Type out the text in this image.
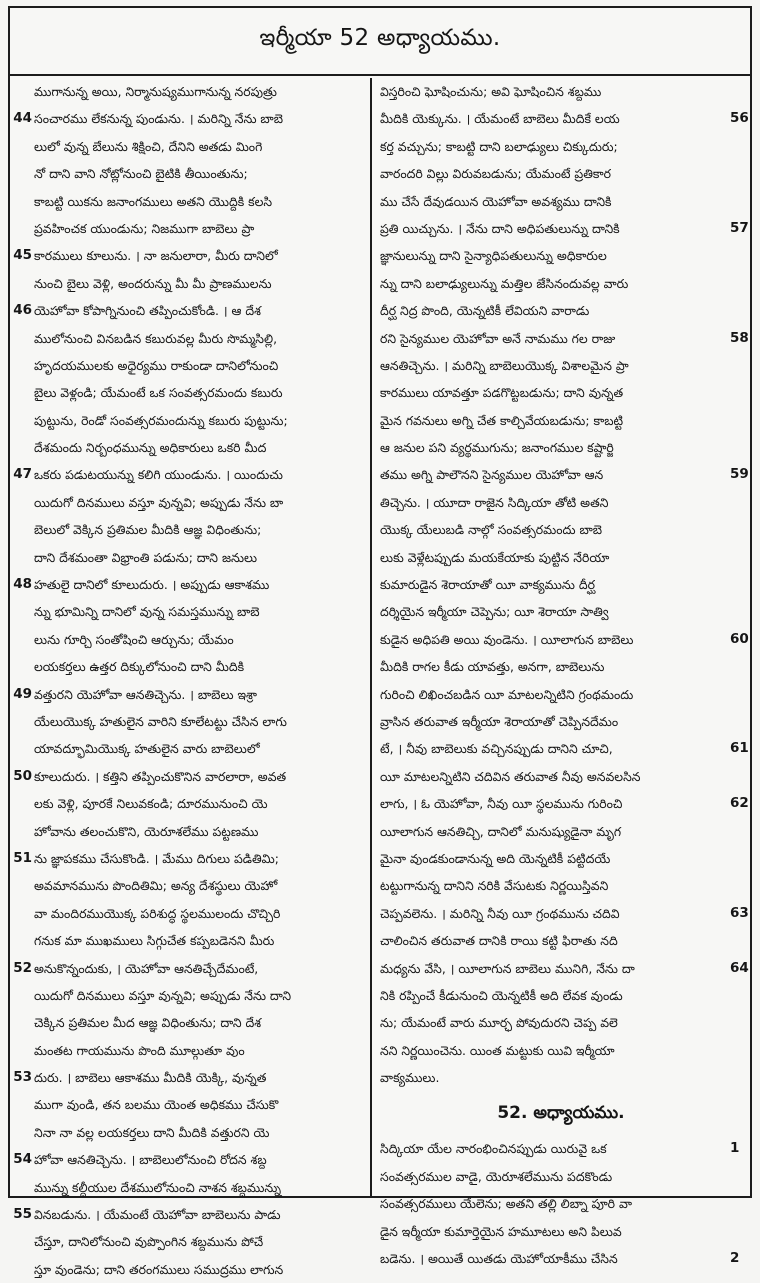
ఇర్మీయా 52 అధ్యాయము.
ముగానున్న అయి, నిర్మానుష్యముగానున్న నరపుత్రు
44 సంచారము లేకనున్న పుండును. । మరిన్ని నేను బాబె
లులో వున్న బేలును శిక్షించి, దేనిని అతడు మింగె
నో దాని వాని నోట్లోనుంచి బైటికి తీయింతును;
కాబట్టి యికను జనాంగములు అతని యొద్దికి కలసి
ప్రవహించక యుండును; నిజముగా బాబెలు ప్రా
45 కారములు కూలును. । నా జనులారా, మీరు దానిలో
నుంచి బైలు వెళ్లి, అందరున్ను మీ మీ ప్రాణములను
46 యెహోవా కోపాగ్నినుంచి తప్పించుకోండి. । ఆ దేశ
ములోనుంచి వినబడిన కబురువల్ల మీరు సొమ్మసిల్లి,
హృదయములకు అధైర్యము రాకుండా దానిలోనుంచి
బైలు వెళ్లండి; యేమంటే ఒక సంవత్సరమందు కబురు
పుట్టును, రెండో సంవత్సరమందున్ను కబురు పుట్టును;
దేశమందు నిర్బంధమున్ను అధికారులు ఒకరి మీద
47 ఒకరు పడుటయున్ను కలిగి యుండును. । యిందుచు
యిదుగో దినములు వస్తూ వున్నవి; అప్పుడు నేను బా
బెలులో వెక్కిన ప్రతిమల మీదికి ఆజ్ఞ విధింతును;
దాని దేశమంతా విభ్రాంతి పడును; దాని జనులు
48 హతులై దానిలో కూలుదురు. । అప్పుడు ఆకాశము
న్ను భూమిన్ని దానిలో వున్న సమస్తమున్ను బాబె
లును గూర్చి సంతోషించి ఆర్చును; యేమం
లయకర్తలు ఉత్తర దిక్కులోనుంచి దాని మీదికి
49 వత్తురని యెహోవా ఆనతిచ్చెను. । బాబెలు ఇశ్రా
యేలుయొక్క హతులైన వారిని కూలేటట్టు చేసిన లాగు
యావద్భూమియొక్క హతులైన వారు బాబెలులో
50 కూలుదురు. । కత్తిని తప్పించుకొనిన వారలారా, అవత
లకు వెళ్లి, పూరకే నిలువకండి; దూరమునుంచి యె
హోవాను తలంచుకొని, యెరూశలేము పట్టణము
51 ను జ్ఞాపకము చేసుకొండి. । మేము దిగులు పడితిమి;
అవమానమును పొందితిమి; అన్య దేశస్థులు యెహో
వా మందిరముయొక్క పరిశుద్ధ స్థలములందు చొచ్చిరి
గనుక మా ముఖములు సిగ్గుచేత కప్పబడెనని మీరు
52 అనుకొన్నందుకు, । యెహోవా ఆనతిచ్చేదేమంటే,
యిదుగో దినములు వస్తూ వున్నవి; అప్పుడు నేను దాని
చెక్కిన ప్రతిమల మీద ఆజ్ఞ విధింతును; దాని దేశ
మంతట గాయమును పొంది మూల్గుతూ వుం
53 దురు. । బాబెలు ఆకాశము మీదికి యెక్కి, వున్నత
ముగా వుండి, తన బలము యెంత అధికము చేసుకొ
నినా నా వల్ల లయకర్తలు దాని మీదికి వత్తురని యె
54 హోవా ఆనతిచ్చెను. । బాబెలులోనుంచి రోదన శబ్ద
మున్ను కల్దీయుల దేశములోనుంచి నాశన శబ్దమున్ను
55 వినబడును. । యేమంటే యెహోవా బాబెలును పాడు
చేస్తూ, దానిలోనుంచి వుప్పొంగిన శబ్దమును పోచే
స్తూ వుండెను; దాని తరంగములు సముద్రము లాగున
విస్తరించి ఘోషించును; అవి ఘోషించిన శబ్దము
మీదికి యెక్కును. । యేమంటే బాబెలు మీదికే లయ	56
కర్త వచ్చును; కాబట్టి దాని బలాఢ్యులు చిక్కుదురు;
వారందరి విల్లు విరువబడును; యేమంటే ప్రతికార
ము చేసే దేవుడయిన యెహోవా అవశ్యము దానికి
ప్రతి యిచ్చును. । నేను దాని అధిపతులున్ను దానికి	57
జ్ఞానులున్ను దాని సైన్యాధిపతులున్ను అధికారుల
న్ను దాని బలాఢ్యులున్ను మత్తిల జేసినందువల్ల వారు
దీర్ఘ నిద్ర పొంది, యెన్నటికీ లేవియని వారాడు
రని సైన్యముల యెహోవా అనే నామము గల రాజు	58
ఆనతిచ్చెను. । మరిన్ని బాబెలుయొక్క విశాలమైన ప్రా
కారములు యావత్తూ పడగొట్టబడును; దాని వున్నత
మైన గవనులు అగ్ని చేత కాల్చివేయబడును; కాబట్టి
ఆ జనుల పని వ్యర్థముగును; జనాంగముల కష్టార్జి
తము అగ్ని పాలౌనని సైన్యముల యెహోవా ఆన	59
తిచ్చెను. । యూదా రాజైన సిద్కియా తోటి అతని
యొక్క యేలుబడి నాల్గో సంవత్సరమందు బాబె
లుకు వెళ్లేటప్పుడు మయకేయాకు పుట్టిన నేరియా
కుమారుడైన శెరాయాతో యీ వాక్యమును దీర్ఘ
దర్శియైన ఇర్మీయా చెప్పెను; యీ శెరాయా సాత్వి
కుడైన అధిపతి అయి వుండెను. । యీలాగున బాబెలు	60
మీదికి రాగల కీడు యావత్తు, అనగా, బాబెలును
గురించి లిఖించబడిన యీ మాటలన్నిటిని గ్రంథమందు
వ్రాసిన తరువాత ఇర్మీయా శెరాయాతో చెప్పినదేమం
టే, । నీవు బాబెలుకు వచ్చినప్పుడు దానిని చూచి,	61
యీ మాటలన్నిటిని చదివిన తరువాత నీవు అనవలసిన
లాగు, । ఓ యెహోవా, నీవు యీ స్థలమును గురించి	62
యీలాగున ఆనతిచ్చి, దానిలో మనుష్యుడైనా మృగ
మైనా వుండకుండానున్న అది యెన్నటికీ పట్టిదయే
టట్టుగానున్న దానిని నరికి వేసుటకు నిర్ణయిస్తివని
చెప్పవలెను. । మరిన్ని నీవు యీ గ్రంథమును చదివి	63
చాలించిన తరువాత దానికి రాయి కట్టి ఫిరాతు నది
మధ్యను వేసి, । యీలాగున బాబెలు మునిగి, నేను దా	64
నికి రప్పించే కీడునుంచి యెన్నటికీ అది లేవక వుండు
ను; యేమంటే వారు మూర్ఛ పోవుదురని చెప్ప వలె
నని నిర్ణయించెను. యింత మట్టుకు యివి ఇర్మీయా
వాక్యములు.
52. అధ్యాయము.
సిద్కియా యేల నారంభించినప్పుడు యిరువై ఒక	1
సంవత్సరముల వాడై, యెరూశలేమును పదకొండు
సంవత్సరములు యేలెను; అతని తల్లి లిబ్నా పూరి వా
డైన ఇర్మీయా కుమార్తెయైన హమూటలు అని పిలువ
బడెను. । అయితే యితడు యెహోయాకీము చేసిన	2
